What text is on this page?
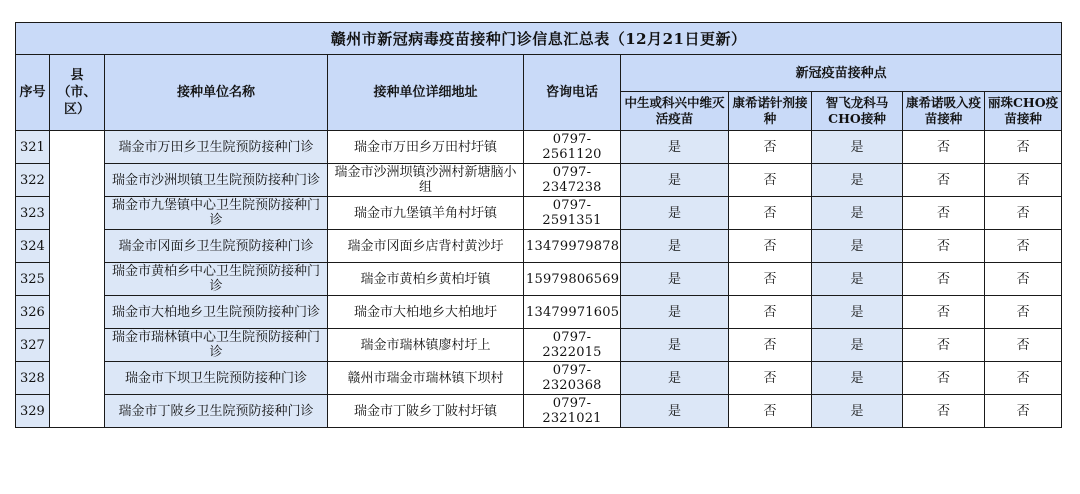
赣州市新冠病毒疫苗接种门诊信息汇总表（12月21日更新）									
序号	县（市、区）	接种单位名称	接种单位详细地址	咨询电话	新冠疫苗接种点				
					中生或科兴中维灭活疫苗	康希诺针剂接种	智飞龙科马CHO接种	康希诺吸入疫苗接种	丽珠CHO疫苗接种
321		瑞金市万田乡卫生院预防接种门诊	瑞金市万田乡万田村圩镇	0797-2561120	是	否	是	否	否
322		瑞金市沙洲坝镇卫生院预防接种门诊	瑞金市沙洲坝镇沙洲村新塘脑小组	0797-2347238	是	否	是	否	否
323		瑞金市九堡镇中心卫生院预防接种门诊	瑞金市九堡镇羊角村圩镇	0797-2591351	是	否	是	否	否
324		瑞金市冈面乡卫生院预防接种门诊	瑞金市冈面乡店背村黄沙圩	13479979878	是	否	是	否	否
325		瑞金市黄柏乡中心卫生院预防接种门诊	瑞金市黄柏乡黄柏圩镇	15979806569	是	否	是	否	否
326		瑞金市大柏地乡卫生院预防接种门诊	瑞金市大柏地乡大柏地圩	13479971605	是	否	是	否	否
327		瑞金市瑞林镇中心卫生院预防接种门诊	瑞金市瑞林镇廖村圩上	0797-2322015	是	否	是	否	否
328		瑞金市下坝卫生院预防接种门诊	赣州市瑞金市瑞林镇下坝村	0797-2320368	是	否	是	否	否
329		瑞金市丁陂乡卫生院预防接种门诊	瑞金市丁陂乡丁陂村圩镇	0797-2321021	是	否	是	否	否
